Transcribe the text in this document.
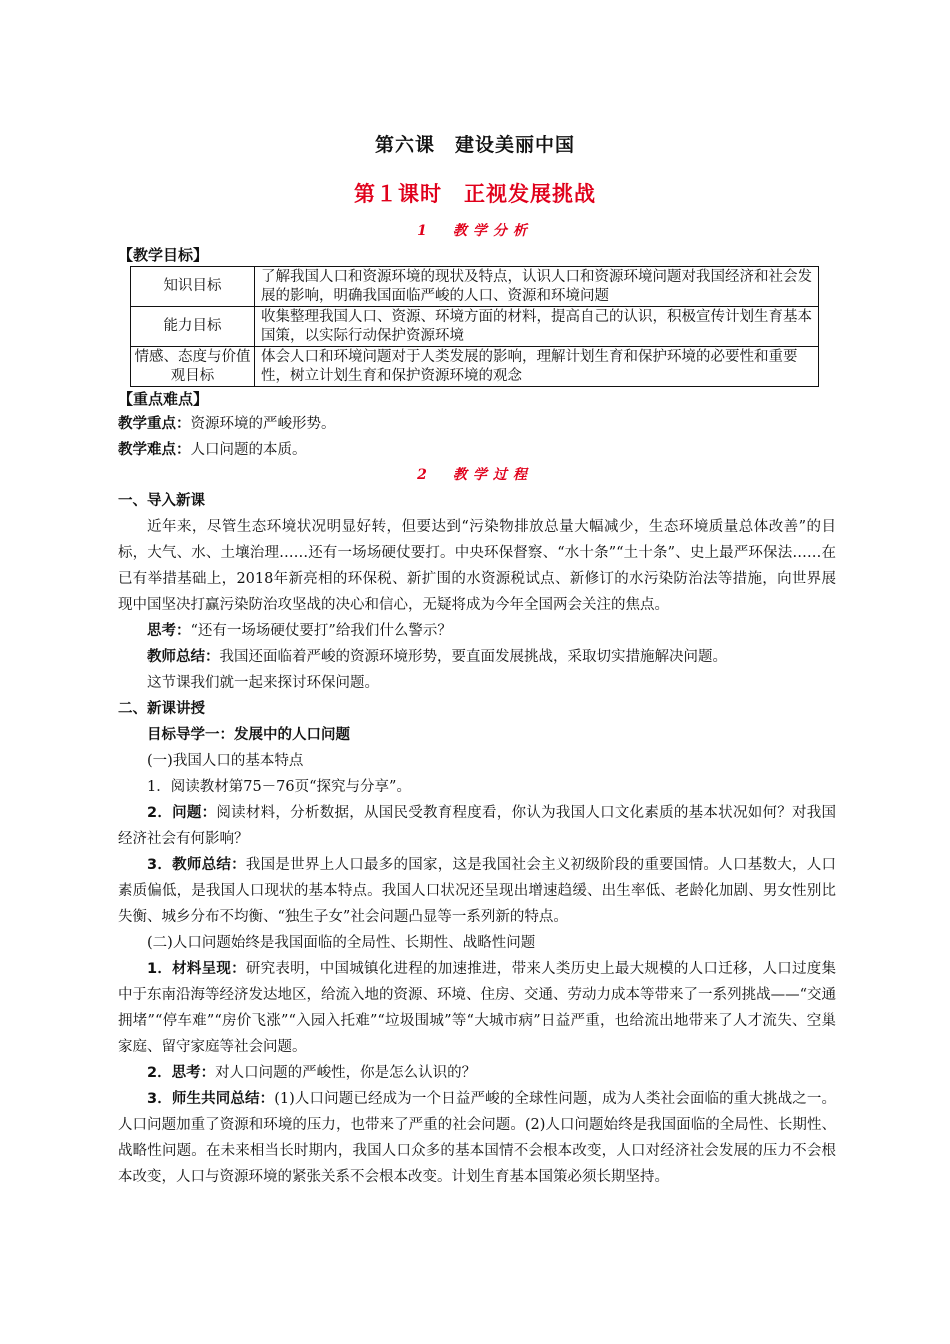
第六课　建设美丽中国
第１课时　正视发展挑战
1　教学分析
【教学目标】
知识目标	了解我国人口和资源环境的现状及特点，认识人口和资源环境问题对我国经济和社会发展的影响，明确我国面临严峻的人口、资源和环境问题
能力目标	收集整理我国人口、资源、环境方面的材料，提高自己的认识，积极宣传计划生育基本国策，以实际行动保护资源环境
情感、态度与价值观目标	体会人口和环境问题对于人类发展的影响，理解计划生育和保护环境的必要性和重要性，树立计划生育和保护资源环境的观念
【重点难点】
教学重点：资源环境的严峻形势。
教学难点：人口问题的本质。
2　教学过程

一、导入新课

近年来，尽管生态环境状况明显好转，但要达到“污染物排放总量大幅减少，生态环境质量总体改善”的目标，大气、水、土壤治理……还有一场场硬仗要打。中央环保督察、“水十条”“土十条”、史上最严环保法……在已有举措基础上，2018年新亮相的环保税、新扩围的水资源税试点、新修订的水污染防治法等措施，向世界展现中国坚决打赢污染防治攻坚战的决心和信心，无疑将成为今年全国两会关注的焦点。

思考：“还有一场场硬仗要打”给我们什么警示？

教师总结：我国还面临着严峻的资源环境形势，要直面发展挑战，采取切实措施解决问题。

这节课我们就一起来探讨环保问题。

二、新课讲授

目标导学一：发展中的人口问题

(一)我国人口的基本特点

1．阅读教材第75－76页“探究与分享”。

2．问题：阅读材料，分析数据，从国民受教育程度看，你认为我国人口文化素质的基本状况如何？对我国经济社会有何影响？

3．教师总结：我国是世界上人口最多的国家，这是我国社会主义初级阶段的重要国情。人口基数大，人口素质偏低，是我国人口现状的基本特点。我国人口状况还呈现出增速趋缓、出生率低、老龄化加剧、男女性别比失衡、城乡分布不均衡、“独生子女”社会问题凸显等一系列新的特点。

(二)人口问题始终是我国面临的全局性、长期性、战略性问题

1．材料呈现：研究表明，中国城镇化进程的加速推进，带来人类历史上最大规模的人口迁移，人口过度集中于东南沿海等经济发达地区，给流入地的资源、环境、住房、交通、劳动力成本等带来了一系列挑战——“交通拥堵”“停车难”“房价飞涨”“入园入托难”“垃圾围城”等“大城市病”日益严重，也给流出地带来了人才流失、空巢家庭、留守家庭等社会问题。

2．思考：对人口问题的严峻性，你是怎么认识的？

3．师生共同总结：(1)人口问题已经成为一个日益严峻的全球性问题，成为人类社会面临的重大挑战之一。人口问题加重了资源和环境的压力，也带来了严重的社会问题。(2)人口问题始终是我国面临的全局性、长期性、战略性问题。在未来相当长时期内，我国人口众多的基本国情不会根本改变，人口对经济社会发展的压力不会根本改变，人口与资源环境的紧张关系不会根本改变。计划生育基本国策必须长期坚持。
